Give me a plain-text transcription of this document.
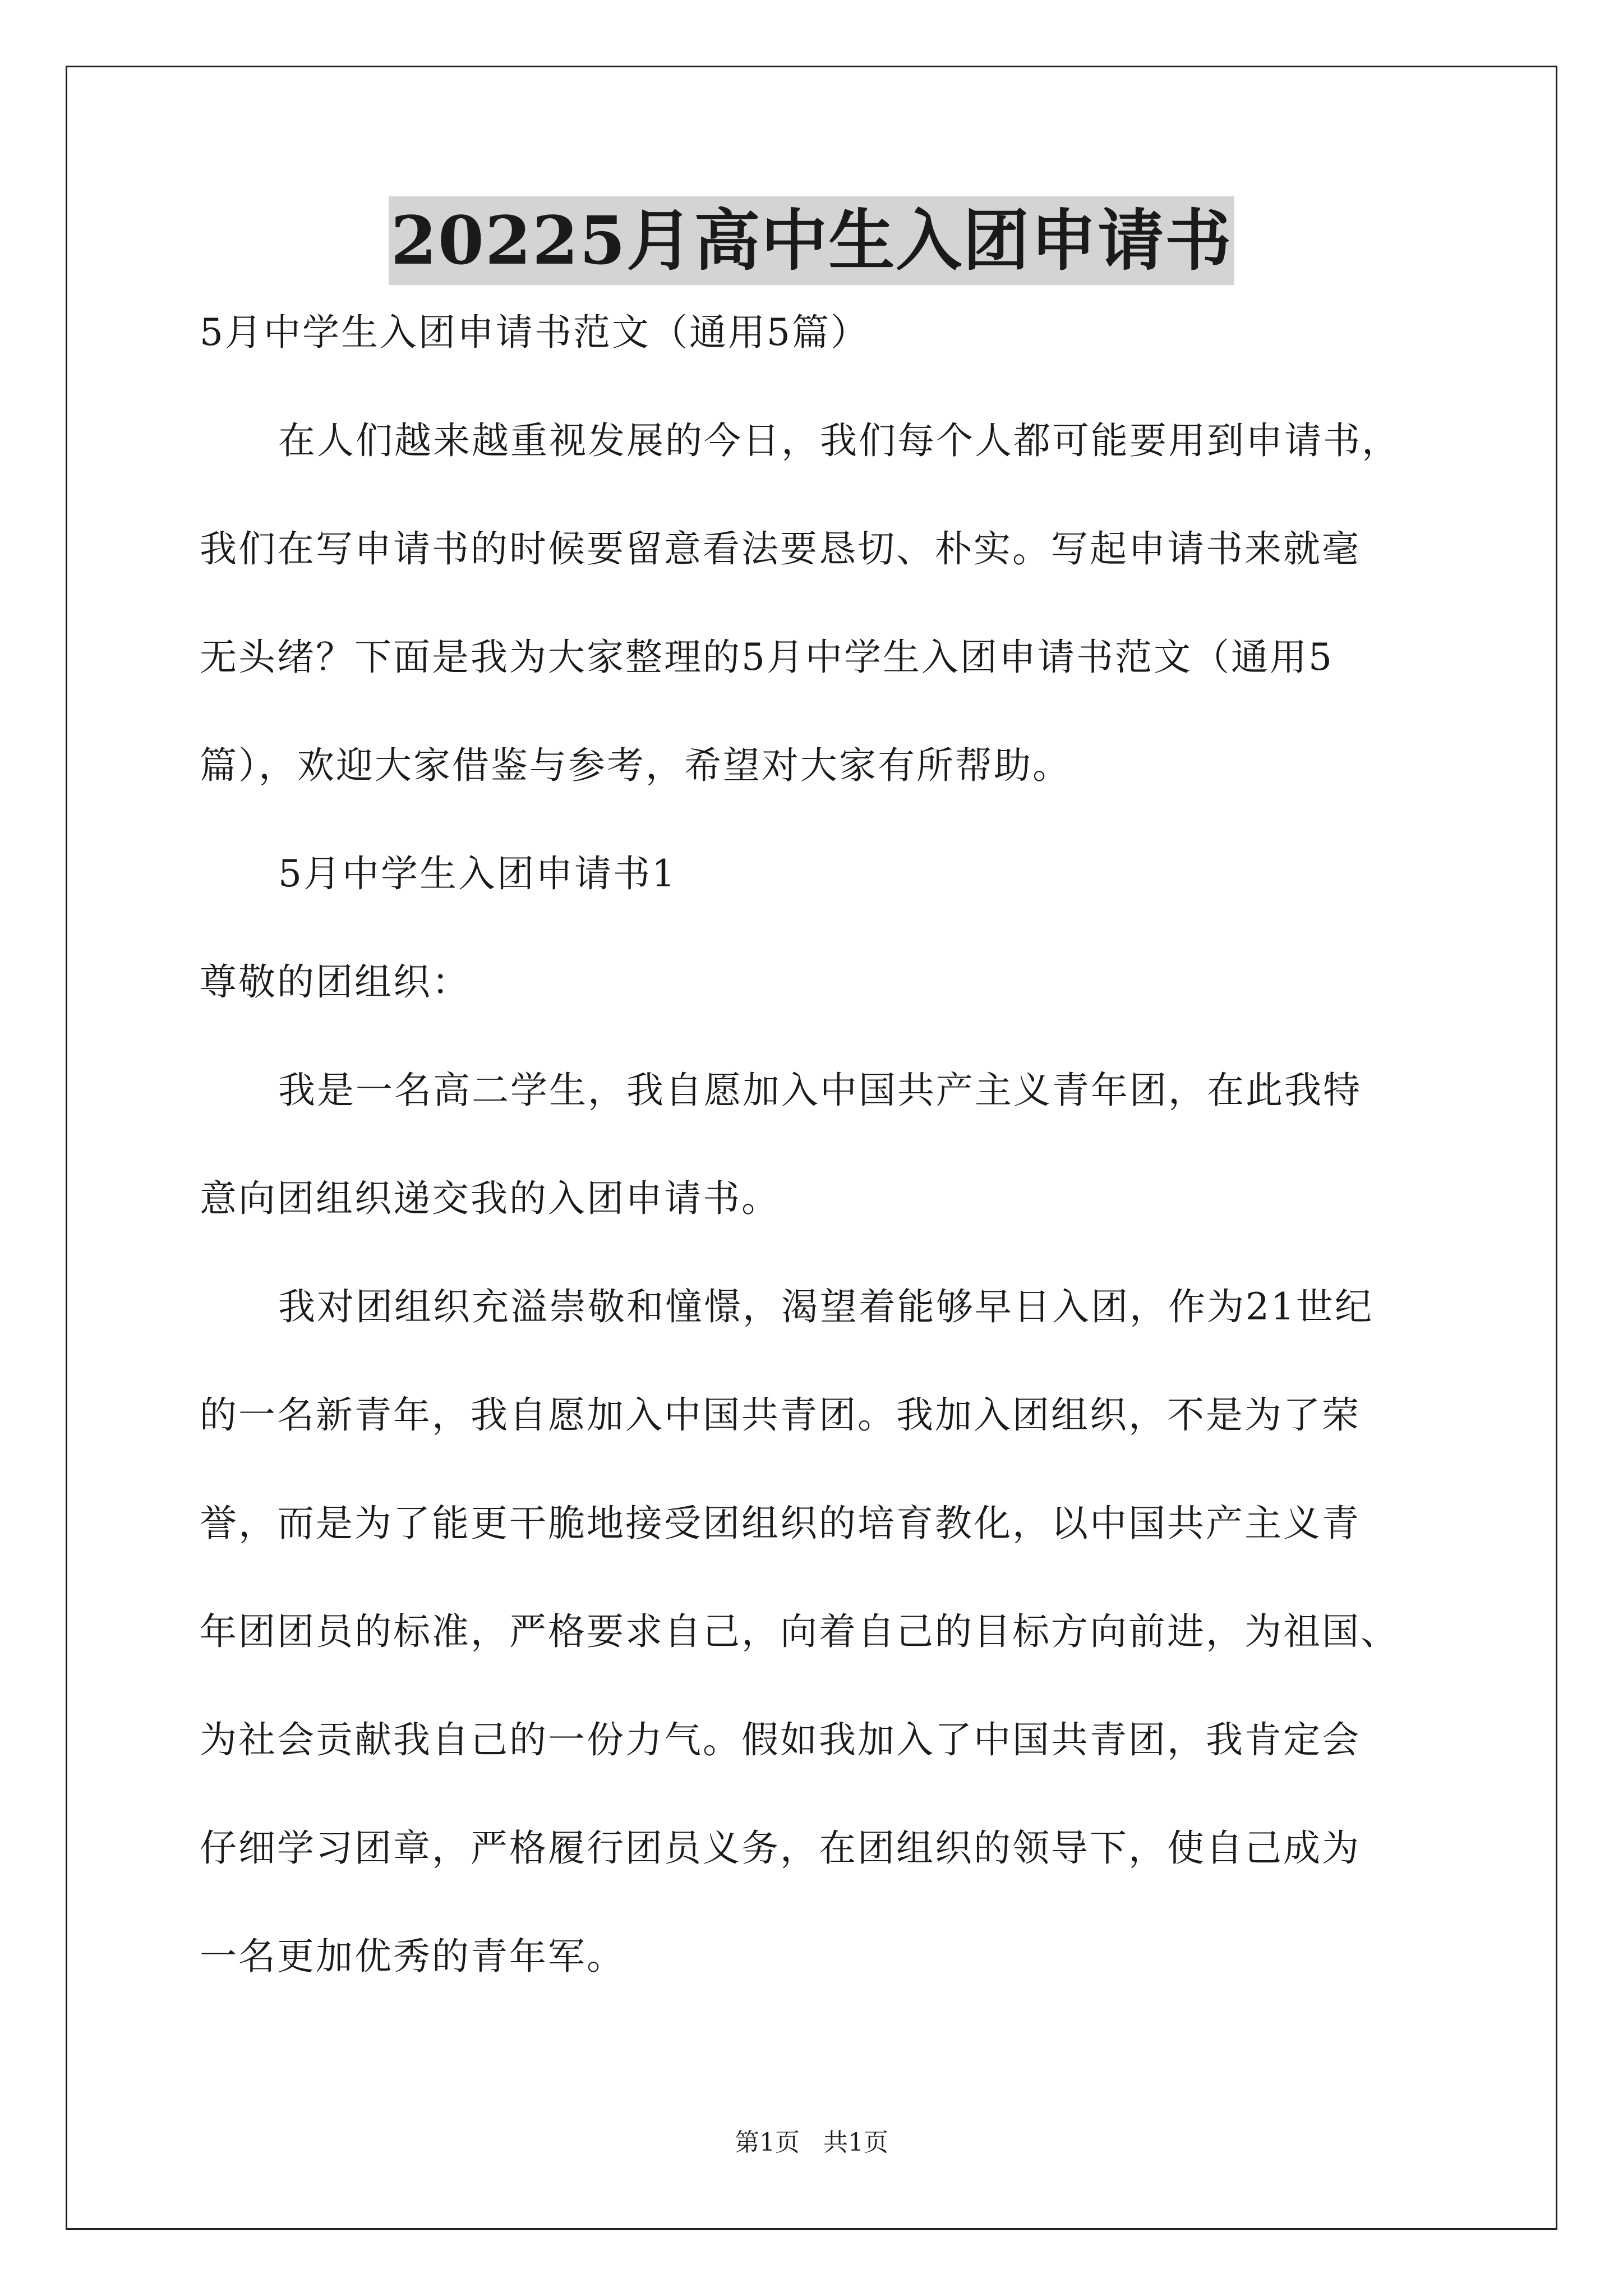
20225月高中生入团申请书
5月中学生入团申请书范文（通用5篇）
在人们越来越重视发展的今日，我们每个人都可能要用到申请书，
我们在写申请书的时候要留意看法要恳切、朴实。写起申请书来就毫
无头绪？下面是我为大家整理的5月中学生入团申请书范文（通用5
篇），欢迎大家借鉴与参考，希望对大家有所帮助。
5月中学生入团申请书1
尊敬的团组织：
我是一名高二学生，我自愿加入中国共产主义青年团，在此我特
意向团组织递交我的入团申请书。
我对团组织充溢崇敬和憧憬，渴望着能够早日入团，作为21世纪
的一名新青年，我自愿加入中国共青团。我加入团组织，不是为了荣
誉，而是为了能更干脆地接受团组织的培育教化，以中国共产主义青
年团团员的标准，严格要求自己，向着自己的目标方向前进，为祖国、
为社会贡献我自己的一份力气。假如我加入了中国共青团，我肯定会
仔细学习团章，严格履行团员义务，在团组织的领导下，使自己成为
一名更加优秀的青年军。
第1页   共1页
